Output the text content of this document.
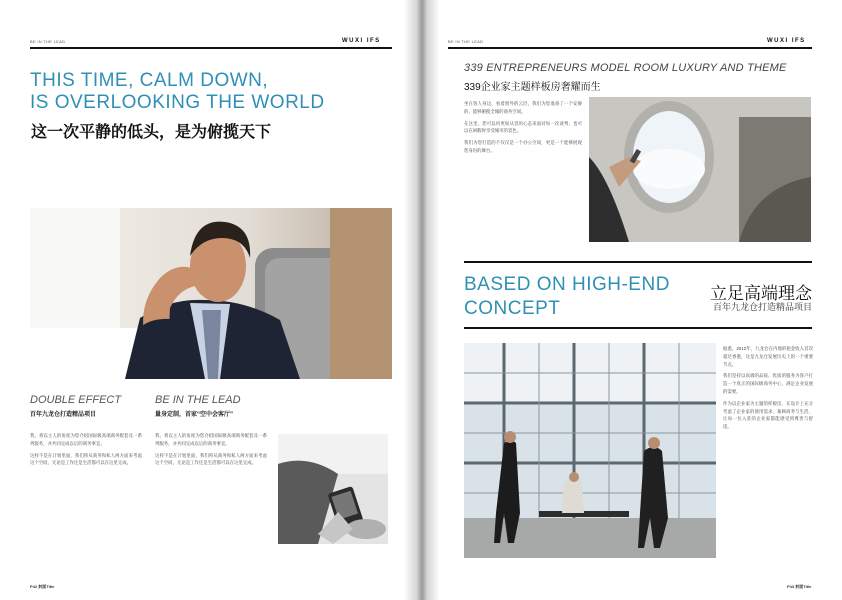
BE IN THE LEAD	WUXI IFS
THIS TIME, CALM DOWN,
IS OVERLOOKING THE WORLD
这一次平静的低头，是为俯揽天下
DOUBLE EFFECT
百年九龙仓打造精品项目
BE IN THE LEAD
量身定制，首家“空中会客厅”

我，将以主人的角度为您介绍国际级高端商务配套及一系列服务，并共同完成以后的商务事宜。

这样不是在计划里面，我们将从商务和私人两方面来考虑这个空间，无论是工作还是生活都可以在这里完成。

我，将以主人的角度为您介绍国际级高端商务配套及一系列服务，并共同完成以后的商务事宜。

这样不是在计划里面，我们将从商务和私人两方面来考虑这个空间，无论是工作还是生活都可以在这里完成。

P42 封面Title
BE IN THE LEAD	WUXI IFS
339 ENTREPRENEURS MODEL ROOM LUXURY AND THEME
339企业家主题样板房奢耀而生

坐在客人身边，看着窗外的云层，我们为您准备了一个安静的、能够俯揽全城的商务空间。

在这里，您可以用更加从容的心态来面对每一次谈判，也可以在闲暇时享受城市的景色。

我们为您打造的不仅仅是一个办公空间，更是一个能够展现您身份的舞台。

BASED ON HIGH-END
CONCEPT
立足高端理念
百年九龙仓打造精品项目

据悉，2012年，九龙仓在内地的租金收入首次超过香港，这是九龙仓发展历史上的一个重要节点。

我们坚持以高端的品质、优质的服务为客户打造一个真正的国际级商务中心，满足企业发展的需要。

作为以企业家为主题的样板房，在设计上充分考虑了企业家的使用需求，兼顾商务与生活，让每一位入驻的企业家都能感受到尊贵与舒适。

P43 封面Title
